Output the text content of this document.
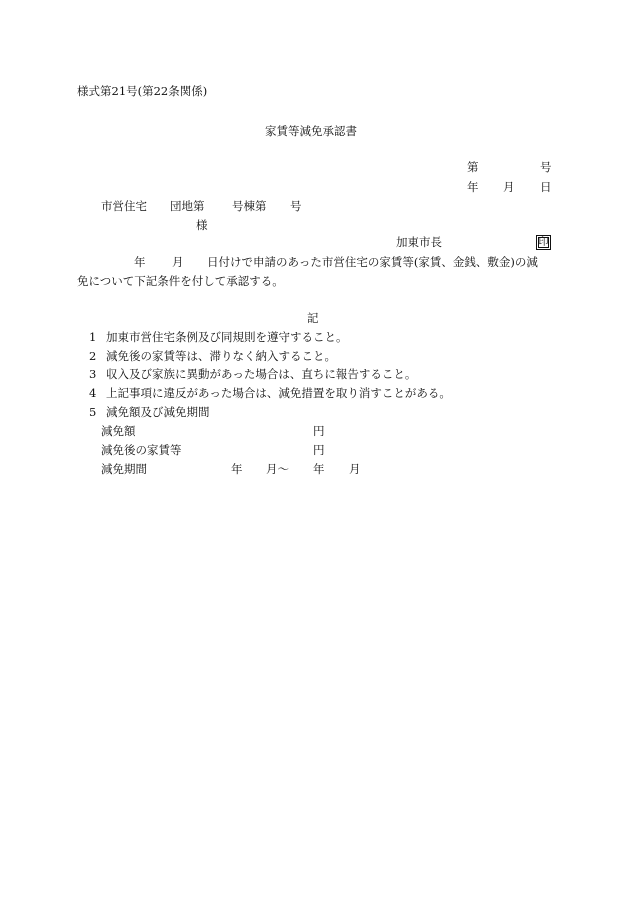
様式第21号(第22条関係)
家賃等減免承認書
第	号
年 月 日
市営住宅 団地第 号棟第 号
様
加東市長	印
年 月 日付けで申請のあった市営住宅の家賃等(家賃、金銭、敷金)の減
免について下記条件を付して承認する。
記
1 加東市営住宅条例及び同規則を遵守すること。
2 減免後の家賃等は、滞りなく納入すること。
3 収入及び家族に異動があった場合は、直ちに報告すること。
4 上記事項に違反があった場合は、減免措置を取り消すことがある。
5 減免額及び減免期間
減免額	円
減免後の家賃等	円
減免期間	年 月～ 年 月
